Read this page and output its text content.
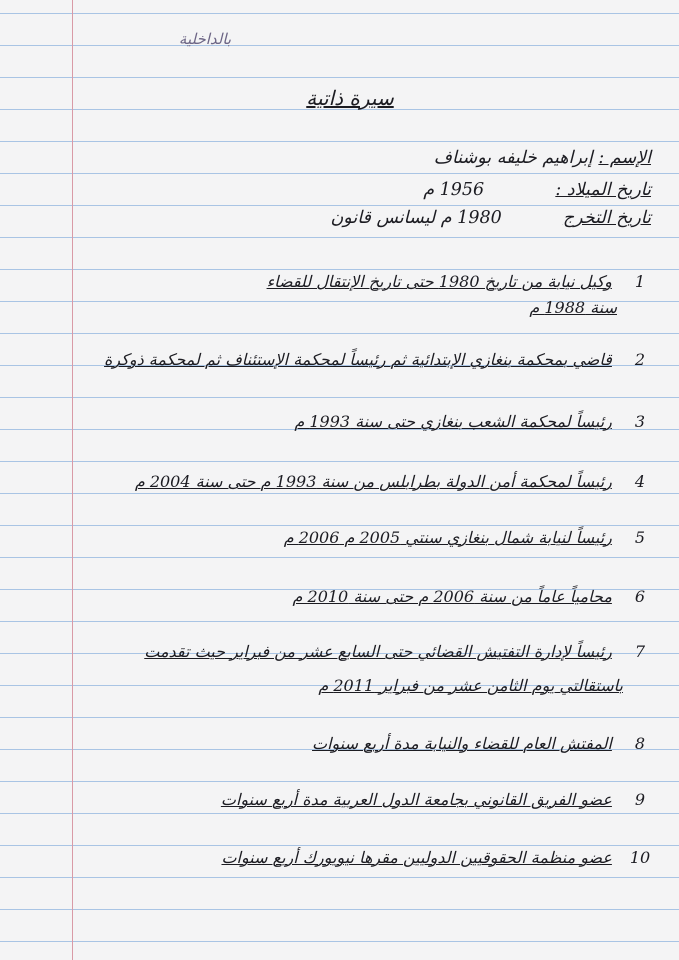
بالداخلية
سيرة ذاتية
الإسم : إبراهيم خليفه بوشناف
تاريخ الميلاد :  1956 م
تاريخ التخرج  1980 م ليسانس قانون
1 وكيل نيابة من تاريخ 1980 حتى تاريخ الإنتقال للقضاء
سنة 1988 م
2 قاضي بمحكمة بنغازي الإبتدائية ثم رئيساً لمحكمة الإستئناف ثم لمحكمة ذوكرة
3 رئيساً لمحكمة الشعب بنغازي حتى سنة 1993 م
4 رئيساً لمحكمة أمن الدولة بطرابلس من سنة 1993 م حتى سنة 2004 م
5 رئيساً لنيابة شمال بنغازي سنتي 2005 م 2006 م
6 محامياً عاماً من سنة 2006 م حتى سنة 2010 م
7 رئيساً لإدارة التفتيش القضائي حتى السابع عشر من فبراير حيث تقدمت
باستقالتي يوم الثامن عشر من فبراير 2011 م
8 المفتش العام للقضاء والنيابة مدة أربع سنوات
9 عضو الفريق القانوني بجامعة الدول العربية مدة أربع سنوات
10 عضو منظمة الحقوقيين الدوليين مقرها نيويورك أربع سنوات
